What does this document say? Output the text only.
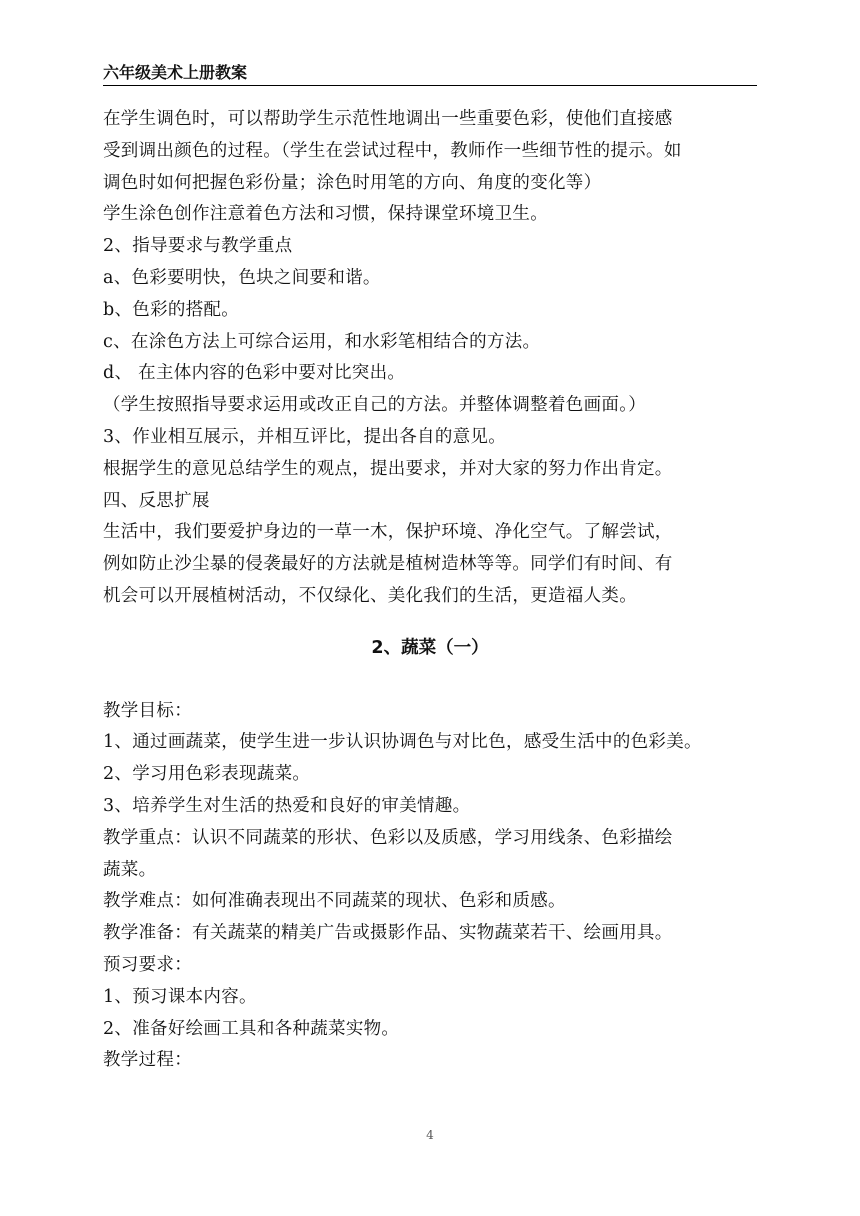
六年级美术上册教案
在学生调色时，可以帮助学生示范性地调出一些重要色彩，使他们直接感
受到调出颜色的过程。（学生在尝试过程中，教师作一些细节性的提示。如
调色时如何把握色彩份量；涂色时用笔的方向、角度的变化等）
学生涂色创作注意着色方法和习惯，保持课堂环境卫生。
2、指导要求与教学重点
a、色彩要明快，色块之间要和谐。
b、色彩的搭配。
c、在涂色方法上可综合运用，和水彩笔相结合的方法。
d、 在主体内容的色彩中要对比突出。
（学生按照指导要求运用或改正自己的方法。并整体调整着色画面。）
3、作业相互展示，并相互评比，提出各自的意见。
根据学生的意见总结学生的观点，提出要求，并对大家的努力作出肯定。
四、反思扩展
生活中，我们要爱护身边的一草一木，保护环境、净化空气。了解尝试，
例如防止沙尘暴的侵袭最好的方法就是植树造林等等。同学们有时间、有
机会可以开展植树活动，不仅绿化、美化我们的生活，更造福人类。
2、蔬菜（一）
教学目标：
1、通过画蔬菜，使学生进一步认识协调色与对比色，感受生活中的色彩美。
2、学习用色彩表现蔬菜。
3、培养学生对生活的热爱和良好的审美情趣。
教学重点：认识不同蔬菜的形状、色彩以及质感，学习用线条、色彩描绘
蔬菜。
教学难点：如何准确表现出不同蔬菜的现状、色彩和质感。
教学准备：有关蔬菜的精美广告或摄影作品、实物蔬菜若干、绘画用具。
预习要求：
1、预习课本内容。
2、准备好绘画工具和各种蔬菜实物。
教学过程：
4
